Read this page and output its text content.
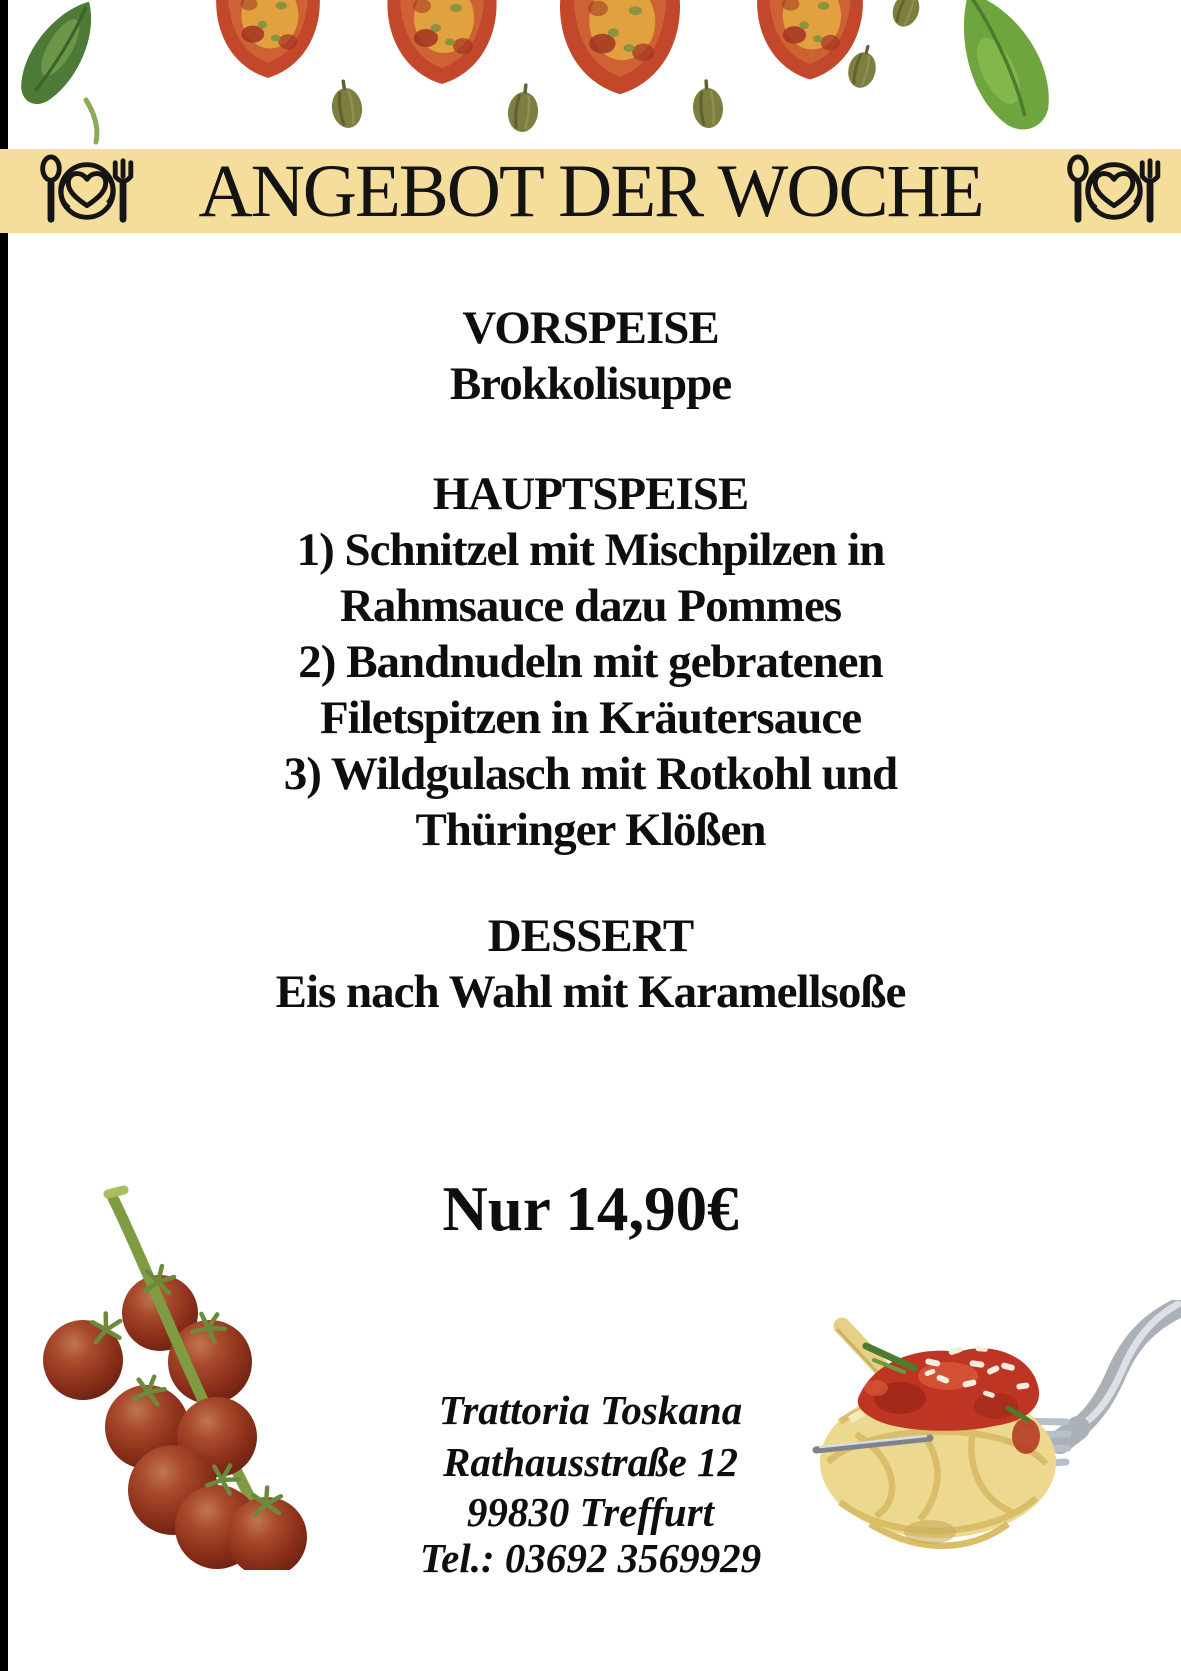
ANGEBOT DER WOCHE
VORSPEISE
Brokkolisuppe
HAUPTSPEISE
1) Schnitzel mit Mischpilzen in
Rahmsauce dazu Pommes
2) Bandnudeln mit gebratenen
Filetspitzen in Kräutersauce
3) Wildgulasch mit Rotkohl und
Thüringer Klößen
DESSERT
Eis nach Wahl mit Karamellsoße
Nur 14,90€
Trattoria Toskana
Rathausstraße 12
99830 Treffurt
Tel.: 03692 3569929
